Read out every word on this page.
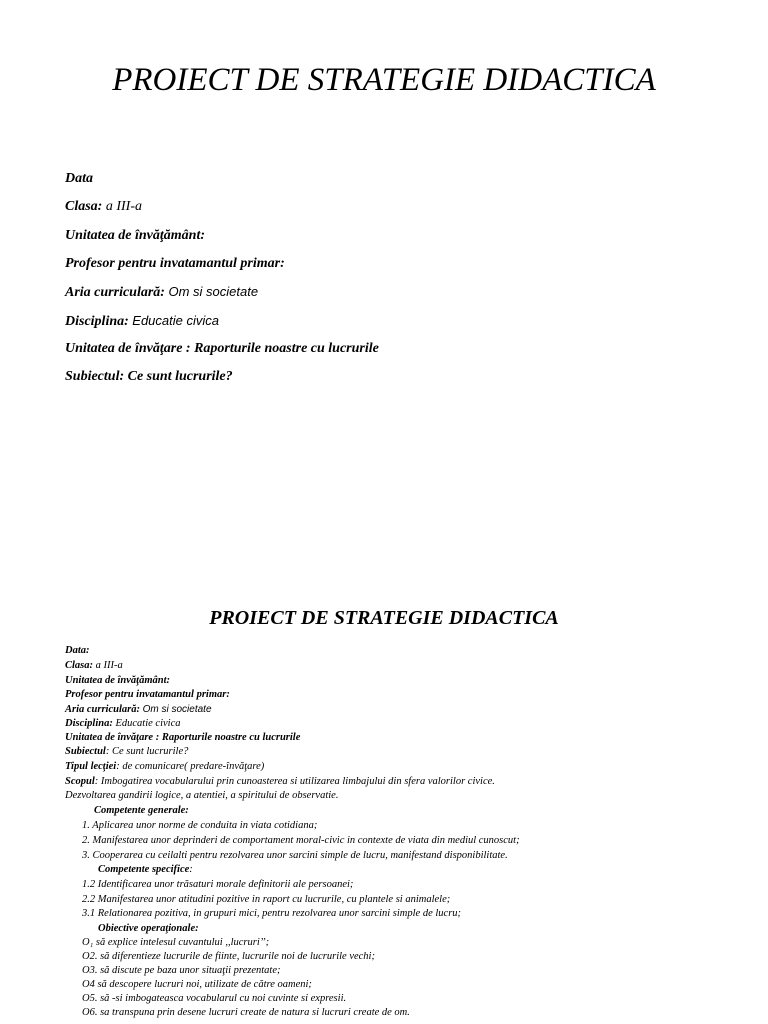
PROIECT DE STRATEGIE DIDACTICA
Data
Clasa: a III-a
Unitatea de învăţământ:
Profesor pentru invatamantul primar:
Aria curriculară: Om si societate
Disciplina: Educatie civica
Unitatea de învăţare : Raporturile noastre cu lucrurile
Subiectul: Ce sunt lucrurile?
PROIECT DE STRATEGIE DIDACTICA
Data:
Clasa: a III-a
Unitatea de învăţământ:
Profesor pentru invatamantul primar:
Aria curriculară: Om si societate
Disciplina: Educatie civica
Unitatea de învăţare : Raporturile noastre cu lucrurile
Subiectul: Ce sunt lucrurile?
Tipul lecţiei: de comunicare( predare-învăţare)
Scopul: Imbogatirea vocabularului prin cunoasterea si utilizarea limbajului din sfera valorilor civice.
Dezvoltarea gandirii logice, a atentiei, a spiritului de observatie.
Competente generale:
1. Aplicarea unor norme de conduita in viata cotidiana;
2. Manifestarea unor deprinderi de comportament moral-civic in contexte de viata din mediul cunoscut;
3. Cooperarea cu ceilalti pentru rezolvarea unor sarcini simple de lucru, manifestand disponibilitate.
Competente specifice:
1.2 Identificarea unor trăsaturi morale definitorii ale persoanei;
2.2 Manifestarea unor atitudini pozitive in raport cu lucrurile, cu plantele si animalele;
3.1 Relationarea pozitiva, in grupuri mici, pentru rezolvarea unor sarcini simple de lucru;
Obiective operaţionale:
O₁ să explice intelesul cuvantului ,,lucruri’’;
O2. să diferentieze lucrurile de fiinte, lucrurile noi de lucrurile vechi;
O3. să discute pe baza unor situaţii prezentate;
O4 să descopere lucruri noi, utilizate de către oameni;
O5. să -si imbogateasca vocabularul cu noi cuvinte si expresii.
O6. sa transpuna prin desene lucruri create de natura si lucruri create de om.
